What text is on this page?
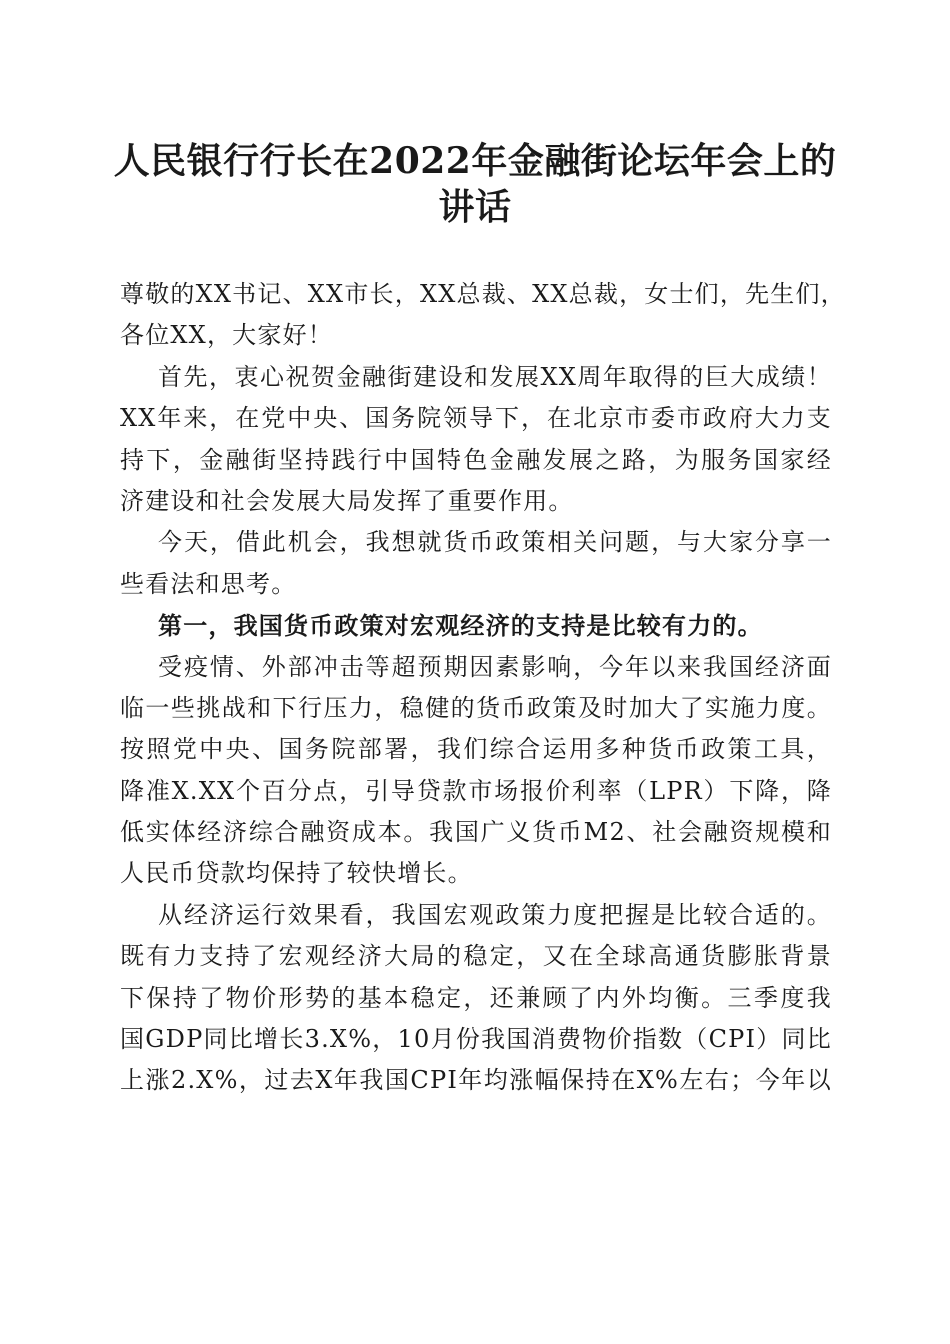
人民银行行长在2022年金融街论坛年会上的
讲话
尊敬的XX书记、XX市长，XX总裁、XX总裁，女士们，先生们，
各位XX，大家好！
首先，衷心祝贺金融街建设和发展XX周年取得的巨大成绩！
XX年来，在党中央、国务院领导下，在北京市委市政府大力支
持下，金融街坚持践行中国特色金融发展之路，为服务国家经
济建设和社会发展大局发挥了重要作用。
今天，借此机会，我想就货币政策相关问题，与大家分享一
些看法和思考。
第一，我国货币政策对宏观经济的支持是比较有力的。
受疫情、外部冲击等超预期因素影响，今年以来我国经济面
临一些挑战和下行压力，稳健的货币政策及时加大了实施力度。
按照党中央、国务院部署，我们综合运用多种货币政策工具，
降准X.XX个百分点，引导贷款市场报价利率（LPR）下降，降
低实体经济综合融资成本。我国广义货币M2、社会融资规模和
人民币贷款均保持了较快增长。
从经济运行效果看，我国宏观政策力度把握是比较合适的。
既有力支持了宏观经济大局的稳定，又在全球高通货膨胀背景
下保持了物价形势的基本稳定，还兼顾了内外均衡。三季度我
国GDP同比增长3.X%，10月份我国消费物价指数（CPI）同比
上涨2.X%，过去X年我国CPI年均涨幅保持在X%左右；今年以
